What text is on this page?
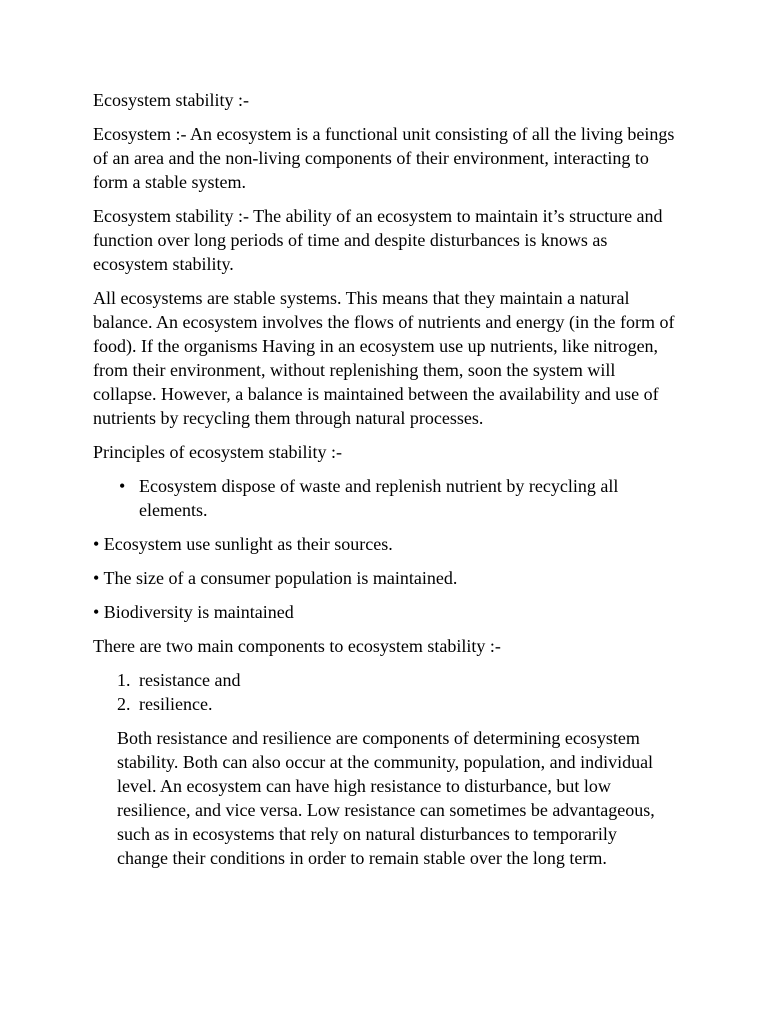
Ecosystem stability :-

Ecosystem :- An ecosystem is a functional unit consisting of all the living beings of an area and the non-living components of their environment, interacting to form a stable system.

Ecosystem stability :- The ability of an ecosystem to maintain it’s structure and function over long periods of time and despite disturbances is knows as ecosystem stability.

All ecosystems are stable systems. This means that they maintain a natural balance. An ecosystem involves the flows of nutrients and energy (in the form of food). If the organisms Having in an ecosystem use up nutrients, like nitrogen, from their environment, without replenishing them, soon the system will collapse. However, a balance is maintained between the availability and use of nutrients by recycling them through natural processes.

Principles of ecosystem stability :-

• Ecosystem dispose of waste and replenish nutrient by recycling all elements.

• Ecosystem use sunlight as their sources.

• The size of a consumer population is maintained.

• Biodiversity is maintained

There are two main components to ecosystem stability :-

1. resistance and
2. resilience.

Both resistance and resilience are components of determining ecosystem stability. Both can also occur at the community, population, and individual level. An ecosystem can have high resistance to disturbance, but low resilience, and vice versa. Low resistance can sometimes be advantageous, such as in ecosystems that rely on natural disturbances to temporarily change their conditions in order to remain stable over the long term.
